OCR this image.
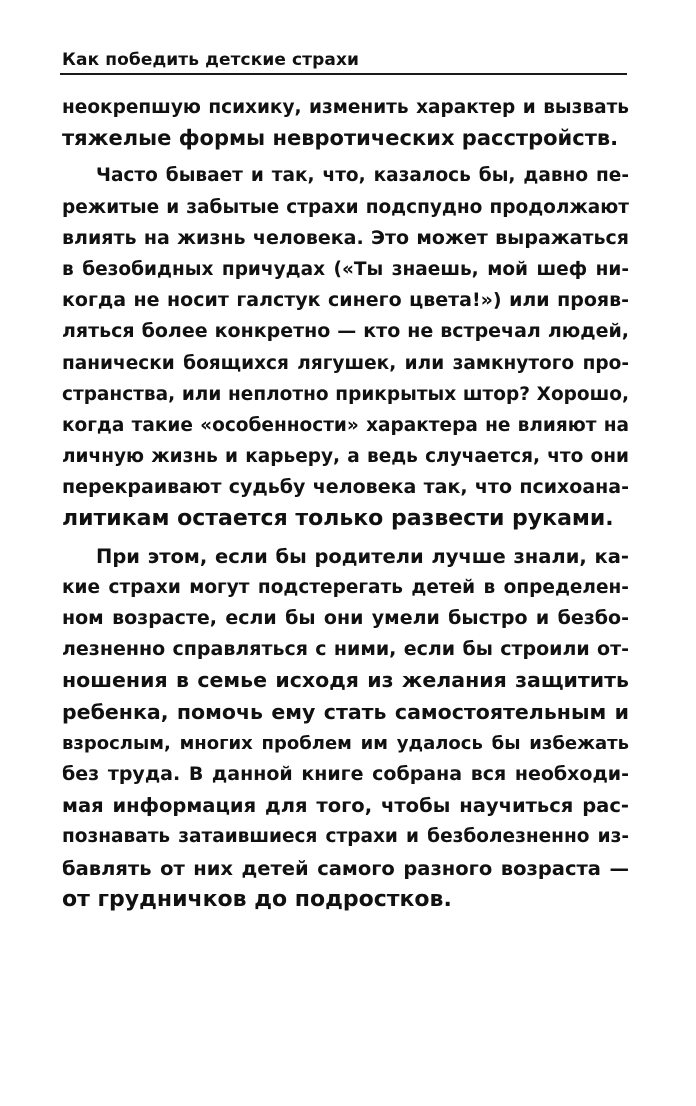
Как победить детские страхи
неокрепшую психику, изменить характер и вызвать
тяжелые формы невротических расстройств.
Часто бывает и так, что, казалось бы, давно пе-
режитые и забытые страхи подспудно продолжают
влиять на жизнь человека. Это может выражаться
в безобидных причудах («Ты знаешь, мой шеф ни-
когда не носит галстук синего цвета!») или прояв-
ляться более конкретно — кто не встречал людей,
панически боящихся лягушек, или замкнутого про-
странства, или неплотно прикрытых штор? Хорошо,
когда такие «особенности» характера не влияют на
личную жизнь и карьеру, а ведь случается, что они
перекраивают судьбу человека так, что психоана-
литикам остается только развести руками.
При этом, если бы родители лучше знали, ка-
кие страхи могут подстерегать детей в определен-
ном возрасте, если бы они умели быстро и безбо-
лезненно справляться с ними, если бы строили от-
ношения в семье исходя из желания защитить
ребенка, помочь ему стать самостоятельным и
взрослым, многих проблем им удалось бы избежать
без труда. В данной книге собрана вся необходи-
мая информация для того, чтобы научиться рас-
познавать затаившиеся страхи и безболезненно из-
бавлять от них детей самого разного возраста —
от грудничков до подростков.
